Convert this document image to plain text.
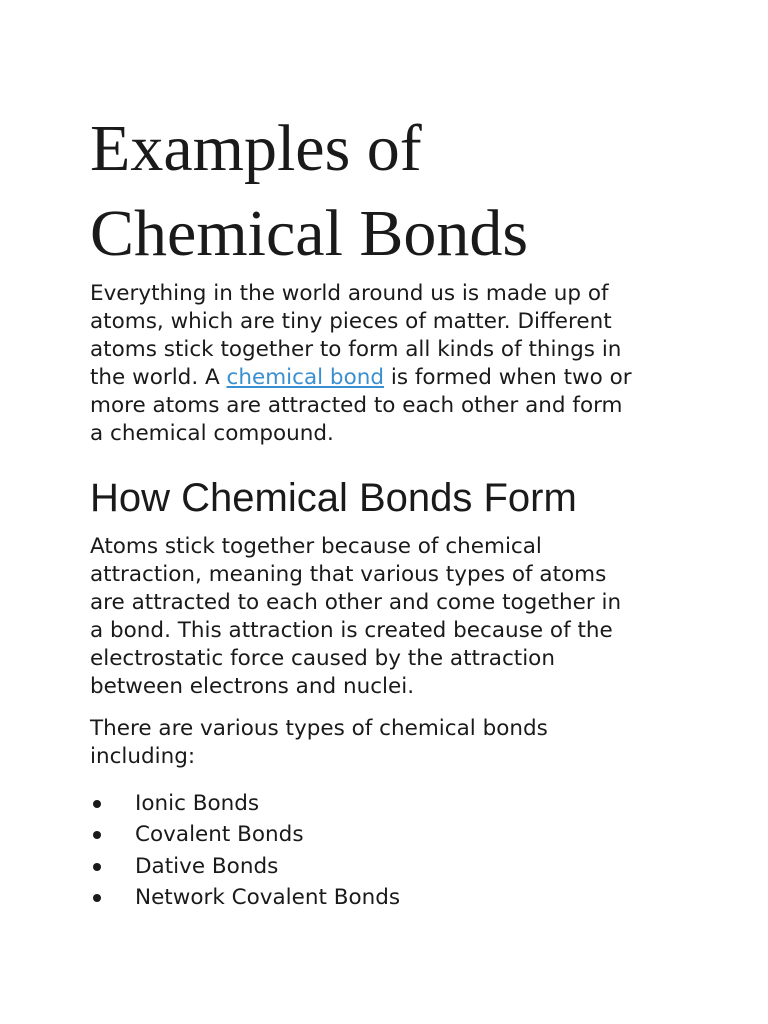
Examples of
Chemical Bonds

Everything in the world around us is made up of
atoms, which are tiny pieces of matter. Different
atoms stick together to form all kinds of things in
the world. A chemical bond is formed when two or
more atoms are attracted to each other and form
a chemical compound.

How Chemical Bonds Form

Atoms stick together because of chemical
attraction, meaning that various types of atoms
are attracted to each other and come together in
a bond. This attraction is created because of the
electrostatic force caused by the attraction
between electrons and nuclei.

There are various types of chemical bonds
including:

Ionic Bonds
Covalent Bonds
Dative Bonds
Network Covalent Bonds
